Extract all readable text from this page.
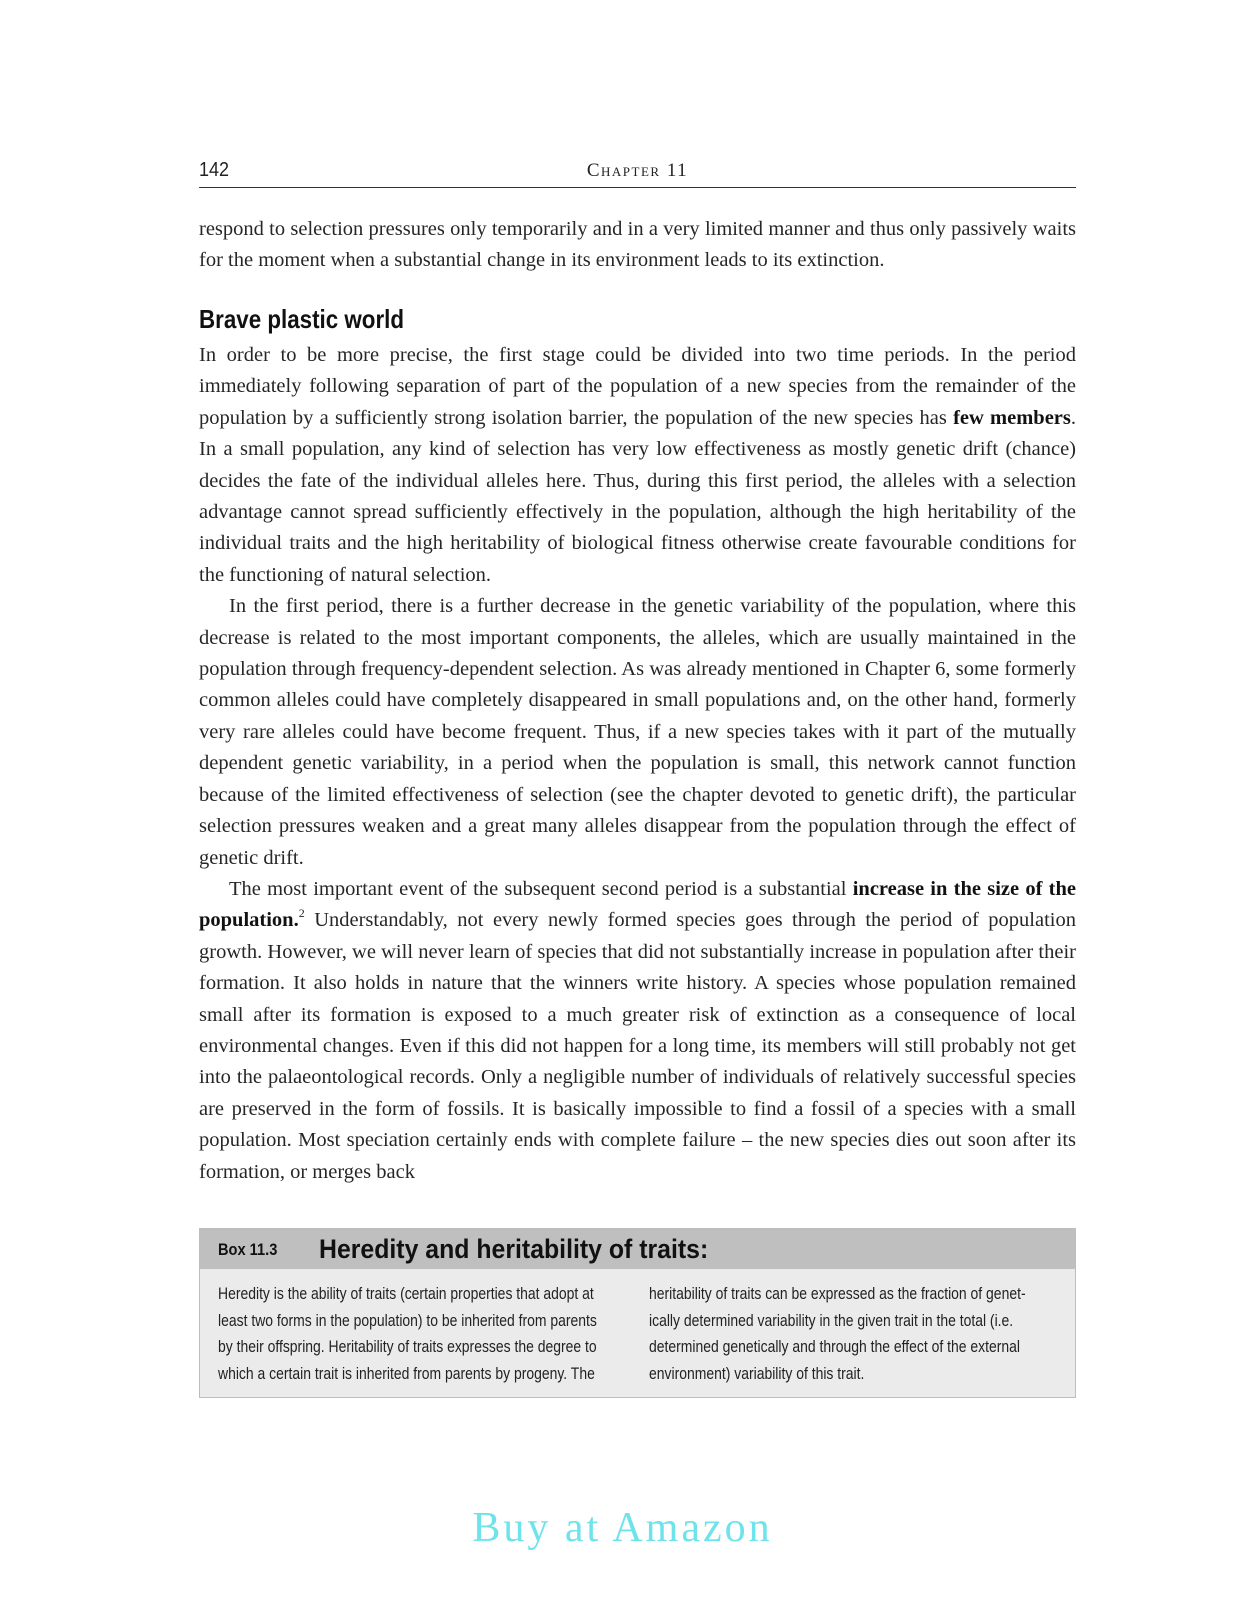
142	Chapter 11

respond to selection pressures only temporarily and in a very limited manner and thus only passively waits for the moment when a substantial change in its environment leads to its extinction.

Brave plastic world

In order to be more precise, the first stage could be divided into two time periods. In the period immediately following separation of part of the population of a new species from the remainder of the population by a sufficiently strong isolation barrier, the population of the new species has few members. In a small population, any kind of selection has very low effectiveness as mostly genetic drift (chance) decides the fate of the individual alleles here. Thus, during this first period, the alleles with a selection advantage cannot spread sufficiently effectively in the population, although the high heritability of the individual traits and the high heritability of biological fitness otherwise create favourable conditions for the functioning of natural selection.

In the first period, there is a further decrease in the genetic variability of the population, where this decrease is related to the most important components, the alleles, which are usually maintained in the population through frequency-dependent selection. As was already mentioned in Chapter 6, some formerly common alleles could have completely disappeared in small populations and, on the other hand, formerly very rare alleles could have become frequent. Thus, if a new species takes with it part of the mutually dependent genetic variability, in a period when the population is small, this network cannot function because of the limited effectiveness of selection (see the chapter devoted to genetic drift), the particular selection pressures weaken and a great many alleles disappear from the population through the effect of genetic drift.

The most important event of the subsequent second period is a substantial increase in the size of the population.$^2$ Understandably, not every newly formed species goes through the period of population growth. However, we will never learn of species that did not substantially increase in population after their formation. It also holds in nature that the winners write history. A species whose population remained small after its formation is exposed to a much greater risk of extinction as a consequence of local environmental changes. Even if this did not happen for a long time, its members will still probably not get into the palaeontological records. Only a negligible number of individuals of relatively successful species are preserved in the form of fossils. It is basically impossible to find a fossil of a species with a small population. Most speciation certainly ends with complete failure – the new species dies out soon after its formation, or merges back

Box 11.3 Heredity and heritability of traits:
Heredity is the ability of traits (certain properties that adopt at
least two forms in the population) to be inherited from parents
by their offspring. Heritability of traits expresses the degree to
which a certain trait is inherited from parents by progeny. The
heritability of traits can be expressed as the fraction of genet-
ically determined variability in the given trait in the total (i.e.
determined genetically and through the effect of the external
environment) variability of this trait.
Buy at Amazon
